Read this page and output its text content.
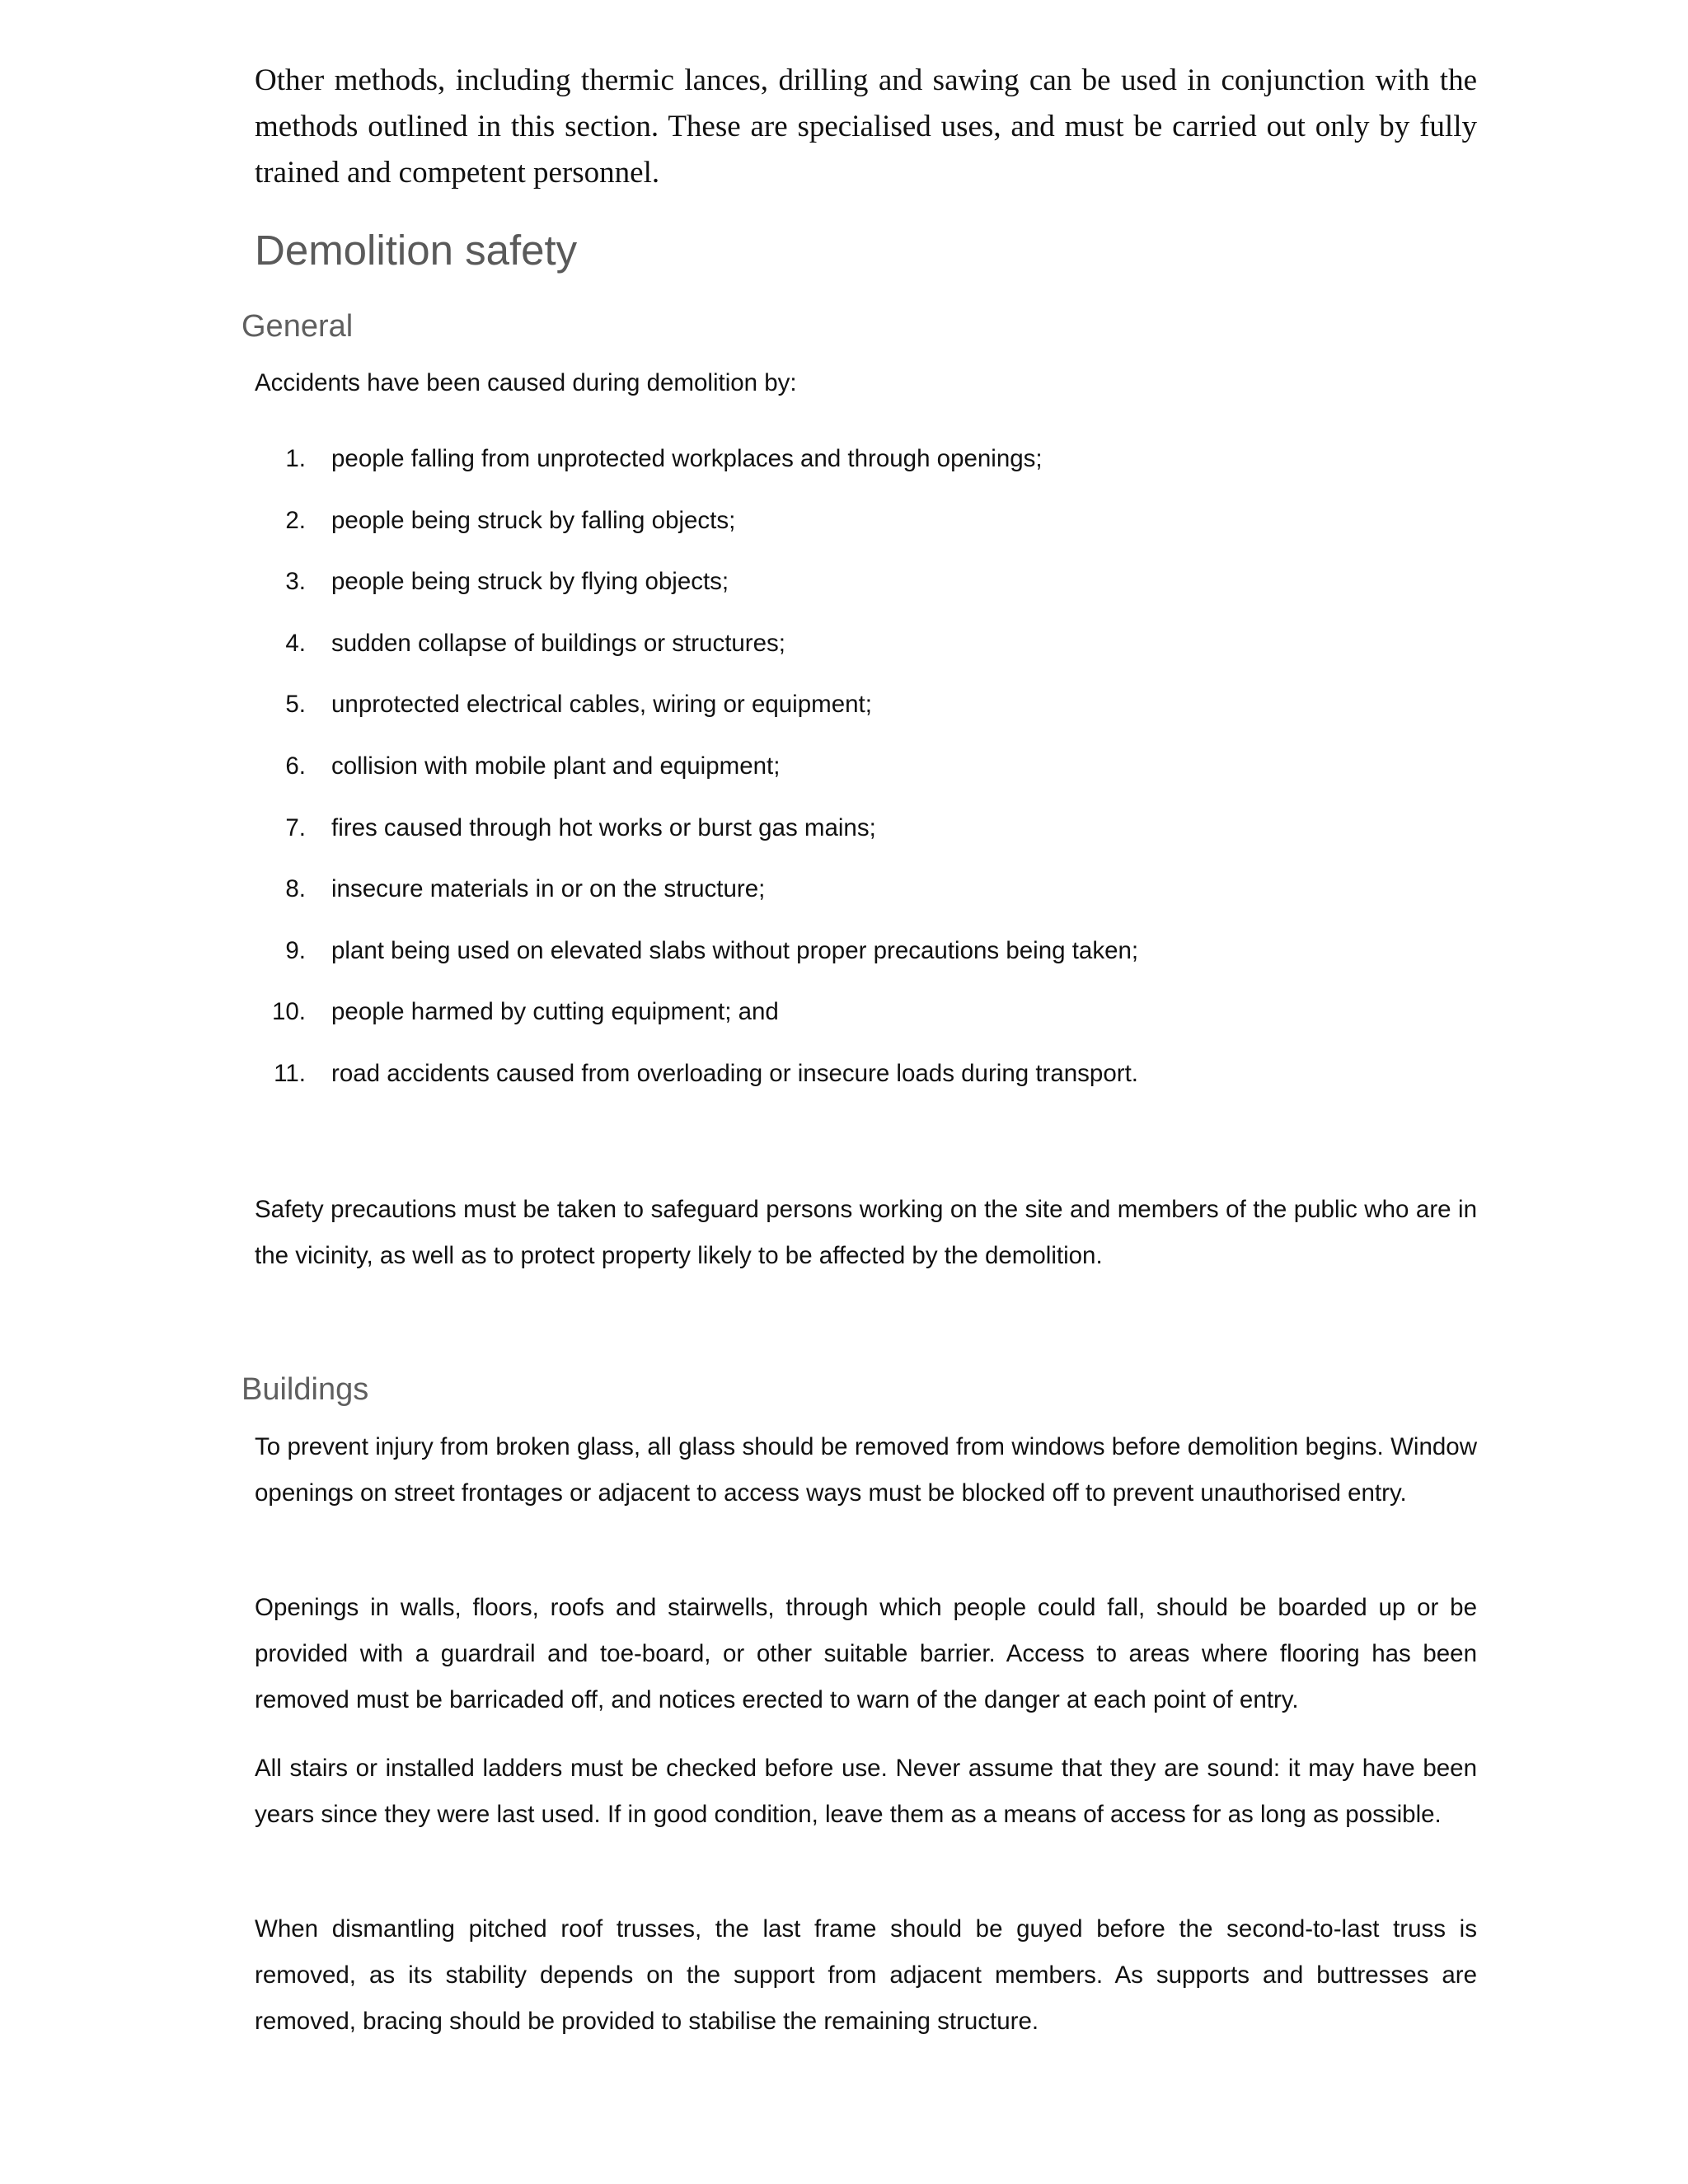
Other methods, including thermic lances, drilling and sawing can be used in conjunction with the methods outlined in this section. These are specialised uses, and must be carried out only by fully trained and competent personnel.

Demolition safety
General

Accidents have been caused during demolition by:

1. people falling from unprotected workplaces and through openings;
2. people being struck by falling objects;
3. people being struck by flying objects;
4. sudden collapse of buildings or structures;
5. unprotected electrical cables, wiring or equipment;
6. collision with mobile plant and equipment;
7. fires caused through hot works or burst gas mains;
8. insecure materials in or on the structure;
9. plant being used on elevated slabs without proper precautions being taken;
10. people harmed by cutting equipment; and
11. road accidents caused from overloading or insecure loads during transport.

Safety precautions must be taken to safeguard persons working on the site and members of the public who are in the vicinity, as well as to protect property likely to be affected by the demolition.

Buildings

To prevent injury from broken glass, all glass should be removed from windows before demolition begins. Window openings on street frontages or adjacent to access ways must be blocked off to prevent unauthorised entry.

Openings in walls, floors, roofs and stairwells, through which people could fall, should be boarded up or be provided with a guardrail and toe-board, or other suitable barrier. Access to areas where flooring has been removed must be barricaded off, and notices erected to warn of the danger at each point of entry.

All stairs or installed ladders must be checked before use. Never assume that they are sound: it may have been years since they were last used. If in good condition, leave them as a means of access for as long as possible.

When dismantling pitched roof trusses, the last frame should be guyed before the second-to-last truss is removed, as its stability depends on the support from adjacent members. As supports and buttresses are removed, bracing should be provided to stabilise the remaining structure.
